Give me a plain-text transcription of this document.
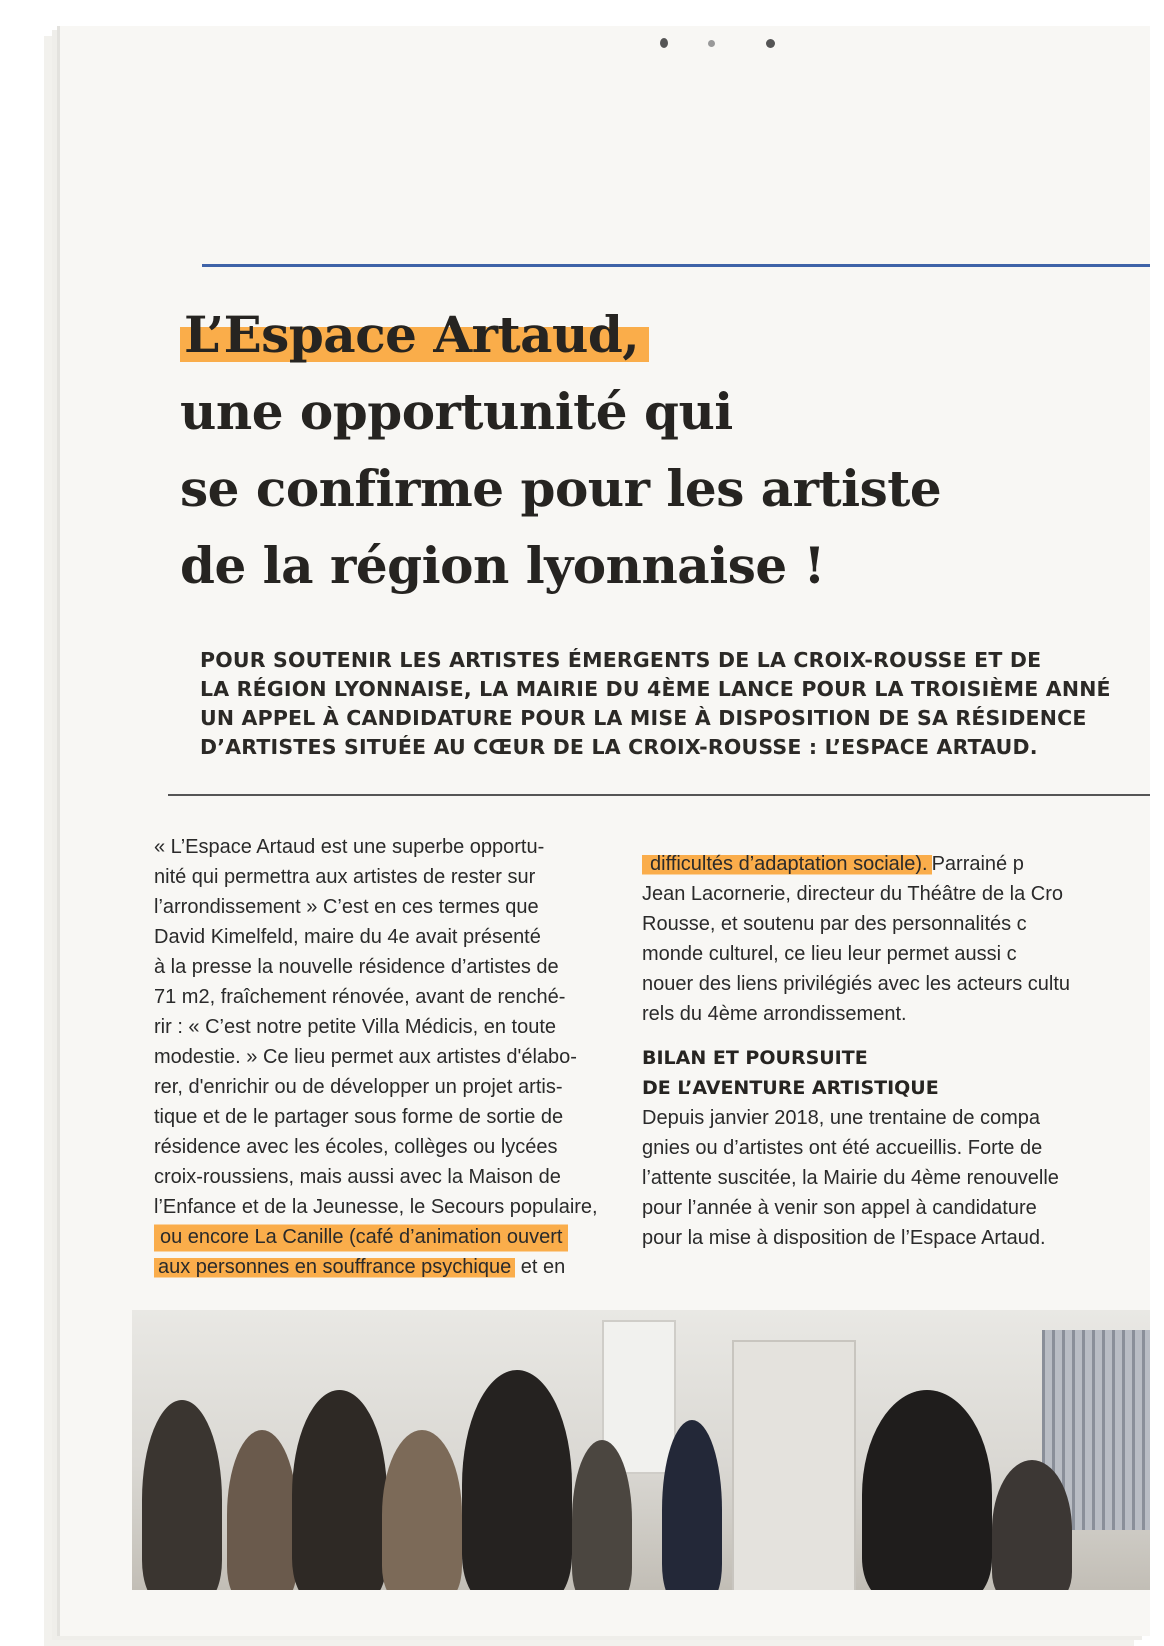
L’Espace Artaud,
une opportunité qui
se confirme pour les artiste
de la région lyonnaise !

POUR SOUTENIR LES ARTISTES ÉMERGENTS DE LA CROIX-ROUSSE ET DE
LA RÉGION LYONNAISE, LA MAIRIE DU 4ÈME LANCE POUR LA TROISIÈME ANNÉ
UN APPEL À CANDIDATURE POUR LA MISE À DISPOSITION DE SA RÉSIDENCE
D’ARTISTES SITUÉE AU CŒUR DE LA CROIX-ROUSSE : L’ESPACE ARTAUD.

« L’Espace Artaud est une superbe opportu-
nité qui permettra aux artistes de rester sur
l’arrondissement » C’est en ces termes que
David Kimelfeld, maire du 4e avait présenté
à la presse la nouvelle résidence d’artistes de
71 m2, fraîchement rénovée, avant de renché-
rir : « C’est notre petite Villa Médicis, en toute
modestie. » Ce lieu permet aux artistes d'élabo-
rer, d'enrichir ou de développer un projet artis-
tique et de le partager sous forme de sortie de
résidence avec les écoles, collèges ou lycées
croix-roussiens, mais aussi avec la Maison de
l’Enfance et de la Jeunesse, le Secours populaire,
ou encore La Canille (café d’animation ouvert
aux personnes en souffrance psychique et en
difficultés d’adaptation sociale). Parrainé p
Jean Lacornerie, directeur du Théâtre de la Cro
Rousse, et soutenu par des personnalités c
monde culturel, ce lieu leur permet aussi c
nouer des liens privilégiés avec les acteurs cultu
rels du 4ème arrondissement.
BILAN ET POURSUITE
DE L’AVENTURE ARTISTIQUE
Depuis janvier 2018, une trentaine de compa
gnies ou d’artistes ont été accueillis. Forte de
l’attente suscitée, la Mairie du 4ème renouvelle
pour l’année à venir son appel à candidature
pour la mise à disposition de l’Espace Artaud.
